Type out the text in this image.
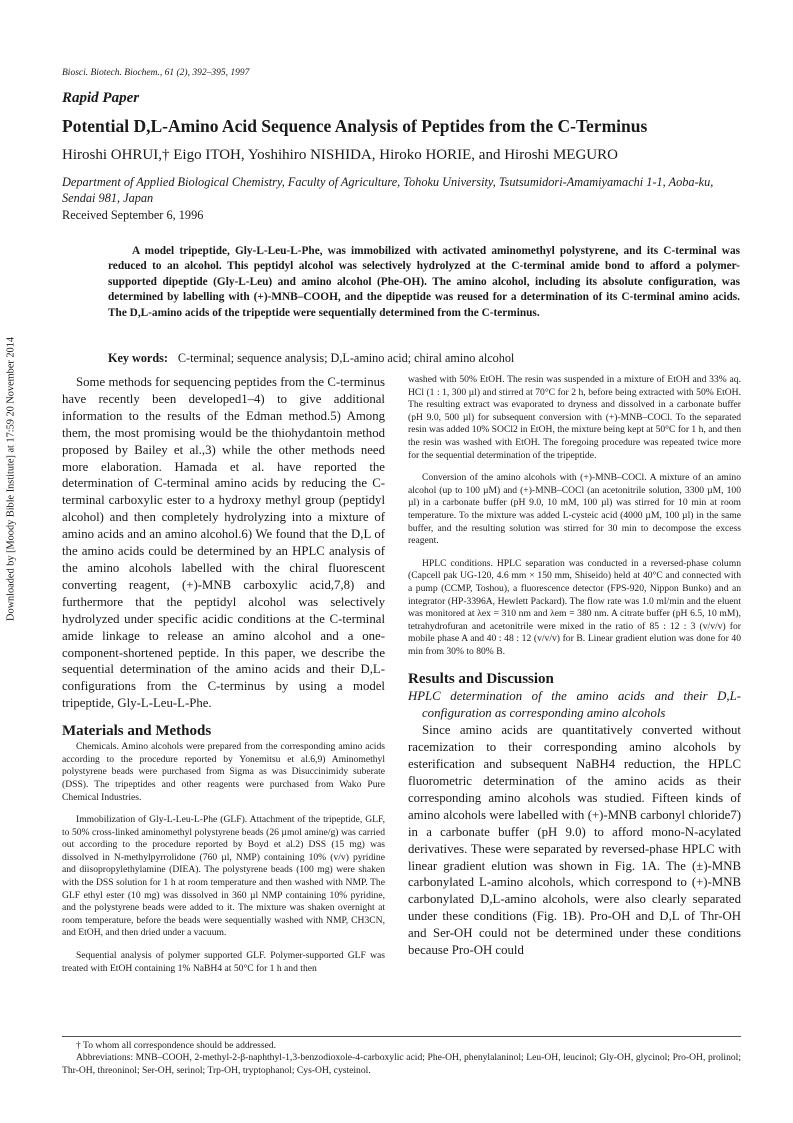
Biosci. Biotech. Biochem., 61 (2), 392–395, 1997
Rapid Paper
Potential D,L-Amino Acid Sequence Analysis of Peptides from the C-Terminus
Hiroshi OHRUI,† Eigo ITOH, Yoshihiro NISHIDA, Hiroko HORIE, and Hiroshi MEGURO
Department of Applied Biological Chemistry, Faculty of Agriculture, Tohoku University, Tsutsumidori-Amamiyamachi 1-1, Aoba-ku, Sendai 981, Japan
Received September 6, 1996
A model tripeptide, Gly-L-Leu-L-Phe, was immobilized with activated aminomethyl polystyrene, and its C-terminal was reduced to an alcohol. This peptidyl alcohol was selectively hydrolyzed at the C-terminal amide bond to afford a polymer-supported dipeptide (Gly-L-Leu) and amino alcohol (Phe-OH). The amino alcohol, including its absolute configuration, was determined by labelling with (+)-MNB–COOH, and the dipeptide was reused for a determination of its C-terminal amino acids. The D,L-amino acids of the tripeptide were sequentially determined from the C-terminus.
Key words: C-terminal; sequence analysis; D,L-amino acid; chiral amino alcohol
Downloaded by [Moody Bible Institute] at 17:59 20 November 2014	Some methods for sequencing peptides from the C-terminus have recently been developed1–4) to give additional information to the results of the Edman method.5) Among them, the most promising would be the thiohydantoin method proposed by Bailey et al.,3) while the other methods need more elaboration. Hamada et al. have reported the determination of C-terminal amino acids by reducing the C-terminal carboxylic ester to a hydroxy methyl group (peptidyl alcohol) and then completely hydrolyzing into a mixture of amino acids and an amino alcohol.6) We found that the D,L of the amino acids could be determined by an HPLC analysis of the amino alcohols labelled with the chiral fluorescent converting reagent, (+)-MNB carboxylic acid,7,8) and furthermore that the peptidyl alcohol was selectively hydrolyzed under specific acidic conditions at the C-terminal amide linkage to release an amino alcohol and a one-component-shortened peptide. In this paper, we describe the sequential determination of the amino acids and their D,L-configurations from the C-terminus by using a model tripeptide, Gly-L-Leu-L-Phe.

Materials and Methods

Chemicals. Amino alcohols were prepared from the corresponding amino acids according to the procedure reported by Yonemitsu et al.6,9) Aminomethyl polystyrene beads were purchased from Sigma as was Disuccinimidy suberate (DSS). The tripeptides and other reagents were purchased from Wako Pure Chemical Industries.

Immobilization of Gly-L-Leu-L-Phe (GLF). Attachment of the tripeptide, GLF, to 50% cross-linked aminomethyl polystyrene beads (26 µmol amine/g) was carried out according to the procedure reported by Boyd et al.2) DSS (15 mg) was dissolved in N-methylpyrrolidone (760 µl, NMP) containing 10% (v/v) pyridine and diisopropylethylamine (DIEA). The polystyrene beads (100 mg) were shaken with the DSS solution for 1 h at room temperature and then washed with NMP. The GLF ethyl ester (10 mg) was dissolved in 360 µl NMP containing 10% pyridine, and the polystyrene beads were added to it. The mixture was shaken overnight at room temperature, before the beads were sequentially washed with NMP, CH3CN, and EtOH, and then dried under a vacuum.

Sequential analysis of polymer supported GLF. Polymer-supported GLF was treated with EtOH containing 1% NaBH4 at 50°C for 1 h and then

washed with 50% EtOH. The resin was suspended in a mixture of EtOH and 33% aq. HCl (1 : 1, 300 µl) and stirred at 70°C for 2 h, before being extracted with 50% EtOH. The resulting extract was evaporated to dryness and dissolved in a carbonate buffer (pH 9.0, 500 µl) for subsequent conversion with (+)-MNB–COCl. To the separated resin was added 10% SOCl2 in EtOH, the mixture being kept at 50°C for 1 h, and then the resin was washed with EtOH. The foregoing procedure was repeated twice more for the sequential determination of the tripeptide.

Conversion of the amino alcohols with (+)-MNB–COCl. A mixture of an amino alcohol (up to 100 µM) and (+)-MNB–COCl (an acetonitrile solution, 3300 µM, 100 µl) in a carbonate buffer (pH 9.0, 10 mM, 100 µl) was stirred for 10 min at room temperature. To the mixture was added L-cysteic acid (4000 µM, 100 µl) in the same buffer, and the resulting solution was stirred for 30 min to decompose the excess reagent.

HPLC conditions. HPLC separation was conducted in a reversed-phase column (Capcell pak UG-120, 4.6 mm × 150 mm, Shiseido) held at 40°C and connected with a pump (CCMP, Toshou), a fluorescence detector (FPS-920, Nippon Bunko) and an integrator (HP-3396A, Hewlett Packard). The flow rate was 1.0 ml/min and the eluent was monitored at λex = 310 nm and λem = 380 nm. A citrate buffer (pH 6.5, 10 mM), tetrahydrofuran and acetonitrile were mixed in the ratio of 85 : 12 : 3 (v/v/v) for mobile phase A and 40 : 48 : 12 (v/v/v) for B. Linear gradient elution was done for 40 min from 30% to 80% B.

Results and Discussion

HPLC determination of the amino acids and their D,L-configuration as corresponding amino alcohols

Since amino acids are quantitatively converted without racemization to their corresponding amino alcohols by esterification and subsequent NaBH4 reduction, the HPLC fluorometric determination of the amino acids as their corresponding amino alcohols was studied. Fifteen kinds of amino alcohols were labelled with (+)-MNB carbonyl chloride7) in a carbonate buffer (pH 9.0) to afford mono-N-acylated derivatives. These were separated by reversed-phase HPLC with linear gradient elution was shown in Fig. 1A. The (±)-MNB carbonylated L-amino alcohols, which correspond to (+)-MNB carbonylated D,L-amino alcohols, were also clearly separated under these conditions (Fig. 1B). Pro-OH and D,L of Thr-OH and Ser-OH could not be determined under these conditions because Pro-OH could

† To whom all correspondence should be addressed.

Abbreviations: MNB–COOH, 2-methyl-2-β-naphthyl-1,3-benzodioxole-4-carboxylic acid; Phe-OH, phenylalaninol; Leu-OH, leucinol; Gly-OH, glycinol; Pro-OH, prolinol; Thr-OH, threoninol; Ser-OH, serinol; Trp-OH, tryptophanol; Cys-OH, cysteinol.
